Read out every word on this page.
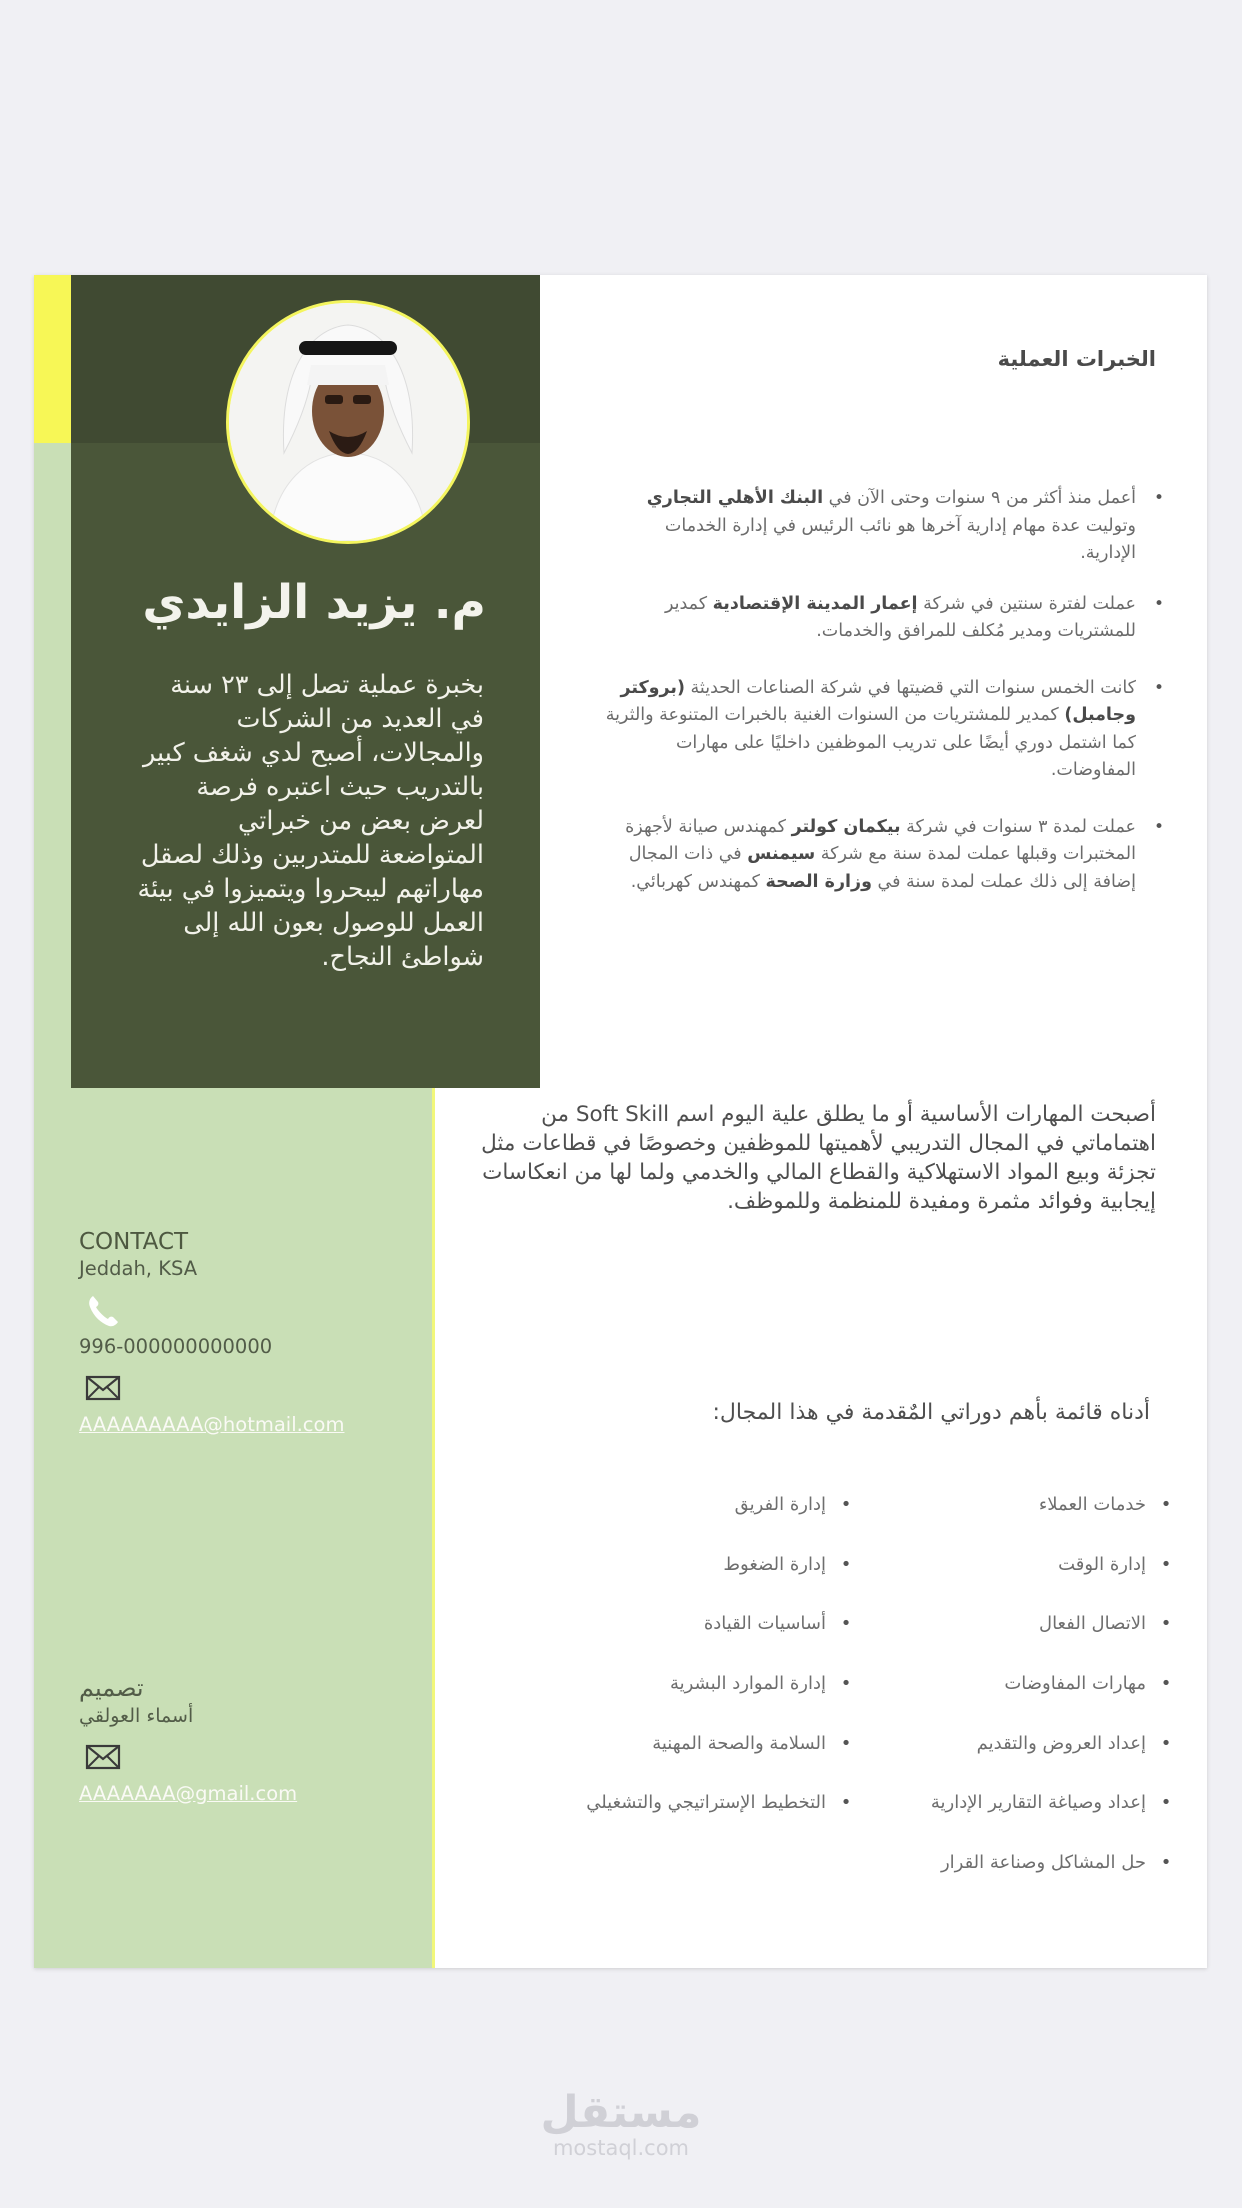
م. يزيد الزايدي
بخبرة عملية تصل إلى ٢٣ سنة في العديد من الشركات والمجالات، أصبح لدي شغف كبير بالتدريب حيث اعتبره فرصة لعرض بعض من خبراتي المتواضعة للمتدربين وذلك لصقل مهاراتهم ليبحروا ويتميزوا في بيئة العمل للوصول بعون الله إلى شواطئ النجاح.
CONTACT
Jeddah, KSA
996-000000000000
AAAAAAAAA@hotmail.com
تصميم
أسماء العولقي
AAAAAAA@gmail.com
الخبرات العملية
•
أعمل منذ أكثر من ٩ سنوات وحتى الآن في البنك الأهلي التجاري وتوليت عدة مهام إدارية آخرها هو نائب الرئيس في إدارة الخدمات الإدارية.
•
عملت لفترة سنتين في شركة إعمار المدينة الإقتصادية كمدير للمشتريات ومدير مُكلف للمرافق والخدمات.
•
كانت الخمس سنوات التي قضيتها في شركة الصناعات الحديثة (بروكتر وجامبل) كمدير للمشتريات من السنوات الغنية بالخبرات المتنوعة والثرية كما اشتمل دوري أيضًا على تدريب الموظفين داخليًا على مهارات المفاوضات.
•
عملت لمدة ٣ سنوات في شركة بيكمان كولتر كمهندس صيانة لأجهزة المختبرات وقبلها عملت لمدة سنة مع شركة سيمنس في ذات المجال إضافة إلى ذلك عملت لمدة سنة في وزارة الصحة كمهندس كهربائي.
أصبحت المهارات الأساسية أو ما يطلق علية اليوم اسم Soft Skill من اهتماماتي في المجال التدريبي لأهميتها للموظفين وخصوصًا في قطاعات مثل تجزئة وبيع المواد الاستهلاكية والقطاع المالي والخدمي ولما لها من انعكاسات إيجابية وفوائد مثمرة ومفيدة للمنظمة وللموظف.
أدناه قائمة بأهم دوراتي المٌقدمة في هذا المجال:
•خدمات العملاء
•إدارة الوقت
•الاتصال الفعال
•مهارات المفاوضات
•إعداد العروض والتقديم
•إعداد وصياغة التقارير الإدارية
•حل المشاكل وصناعة القرار
•إدارة الفريق
•إدارة الضغوط
•أساسيات القيادة
•إدارة الموارد البشرية
•السلامة والصحة المهنية
•التخطيط الإستراتيجي والتشغيلي
مستقل
mostaql.com
